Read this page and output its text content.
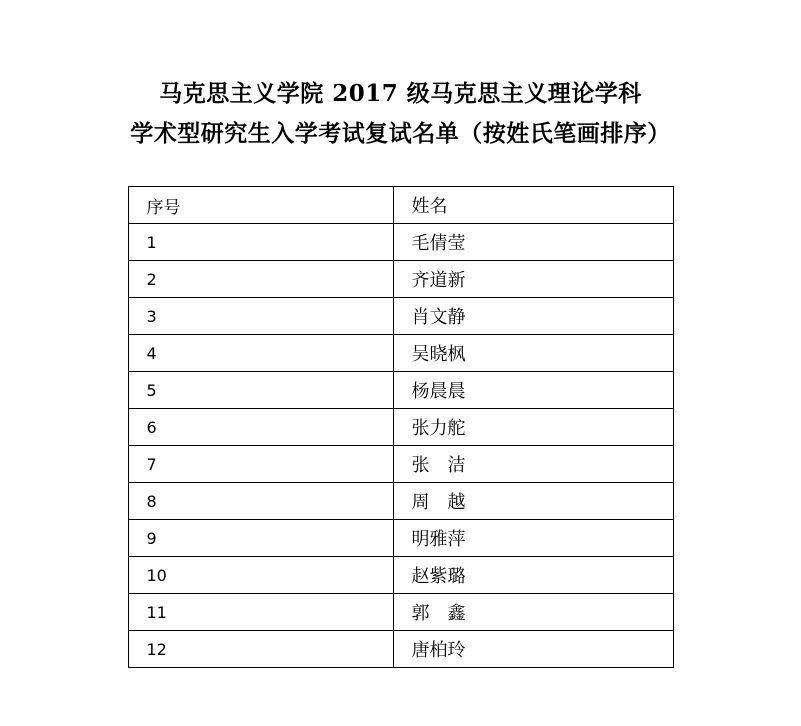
马克思主义学院 2017 级马克思主义理论学科
学术型研究生入学考试复试名单（按姓氏笔画排序）
序号	姓名
1	毛倩莹
2	齐道新
3	肖文静
4	吴晓枫
5	杨晨晨
6	张力舵
7	张　洁
8	周　越
9	明雅萍
10	赵紫璐
11	郭　鑫
12	唐柏玲
